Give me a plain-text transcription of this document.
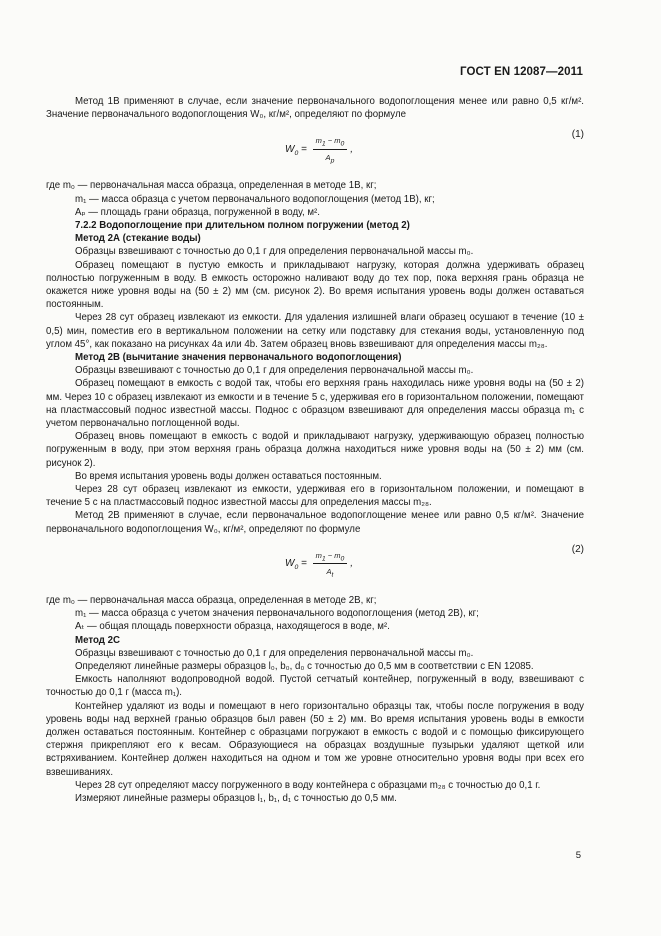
ГОСТ EN 12087—2011

Метод 1В применяют в случае, если значение первоначального водопоглощения менее или равно 0,5 кг/м². Значение первоначального водопоглощения W₀, кг/м², определяют по формуле

$W_0 = \frac{m_1 - m_0}{A_p}$ ,
(1)

где m₀ — первоначальная масса образца, определенная в методе 1В, кг;

m₁ — масса образца с учетом первоначального водопоглощения (метод 1В), кг;

Aₚ — площадь грани образца, погруженной в воду, м².

7.2.2 Водопоглощение при длительном полном погружении (метод 2)

Метод 2А (стекание воды)

Образцы взвешивают с точностью до 0,1 г для определения первоначальной массы m₀.

Образец помещают в пустую емкость и прикладывают нагрузку, которая должна удерживать образец полностью погруженным в воду. В емкость осторожно наливают воду до тех пор, пока верхняя грань образца не окажется ниже уровня воды на (50 ± 2) мм (см. рисунок 2). Во время испытания уровень воды должен оставаться постоянным.

Через 28 сут образец извлекают из емкости. Для удаления излишней влаги образец осушают в течение (10 ± 0,5) мин, поместив его в вертикальном положении на сетку или подставку для стекания воды, установленную под углом 45°, как показано на рисунках 4а или 4b. Затем образец вновь взвешивают для определения массы m₂₈.

Метод 2В (вычитание значения первоначального водопоглощения)

Образцы взвешивают с точностью до 0,1 г для определения первоначальной массы m₀.

Образец помещают в емкость с водой так, чтобы его верхняя грань находилась ниже уровня воды на (50 ± 2) мм. Через 10 с образец извлекают из емкости и в течение 5 с, удерживая его в горизонтальном положении, помещают на пластмассовый поднос известной массы. Поднос с образцом взвешивают для определения массы образца m₁ с учетом первоначально поглощенной воды.

Образец вновь помещают в емкость с водой и прикладывают нагрузку, удерживающую образец полностью погруженным в воду, при этом верхняя грань образца должна находиться ниже уровня воды на (50 ± 2) мм (см. рисунок 2).

Во время испытания уровень воды должен оставаться постоянным.

Через 28 сут образец извлекают из емкости, удерживая его в горизонтальном положении, и помещают в течение 5 с на пластмассовый поднос известной массы для определения массы m₂₈.

Метод 2В применяют в случае, если первоначальное водопоглощение менее или равно 0,5 кг/м². Значение первоначального водопоглощения W₀, кг/м², определяют по формуле

$W_0 = \frac{m_1 - m_0}{A_t}$ ,
(2)

где m₀ — первоначальная масса образца, определенная в методе 2В, кг;

m₁ — масса образца с учетом значения первоначального водопоглощения (метод 2В), кг;

Aₜ — общая площадь поверхности образца, находящегося в воде, м².

Метод 2С

Образцы взвешивают с точностью до 0,1 г для определения первоначальной массы m₀.

Определяют линейные размеры образцов l₀, b₀, d₀ с точностью до 0,5 мм в соответствии с EN 12085.

Емкость наполняют водопроводной водой. Пустой сетчатый контейнер, погруженный в воду, взвешивают с точностью до 0,1 г (масса m₁).

Контейнер удаляют из воды и помещают в него горизонтально образцы так, чтобы после погружения в воду уровень воды над верхней гранью образцов был равен (50 ± 2) мм. Во время испытания уровень воды в емкости должен оставаться постоянным. Контейнер с образцами погружают в емкость с водой и с помощью фиксирующего стержня прикрепляют его к весам. Образующиеся на образцах воздушные пузырьки удаляют щеткой или встряхиванием. Контейнер должен находиться на одном и том же уровне относительно уровня воды при всех его взвешиваниях.

Через 28 сут определяют массу погруженного в воду контейнера с образцами m₂₈ с точностью до 0,1 г.

Измеряют линейные размеры образцов l₁, b₁, d₁ с точностью до 0,5 мм.

5
